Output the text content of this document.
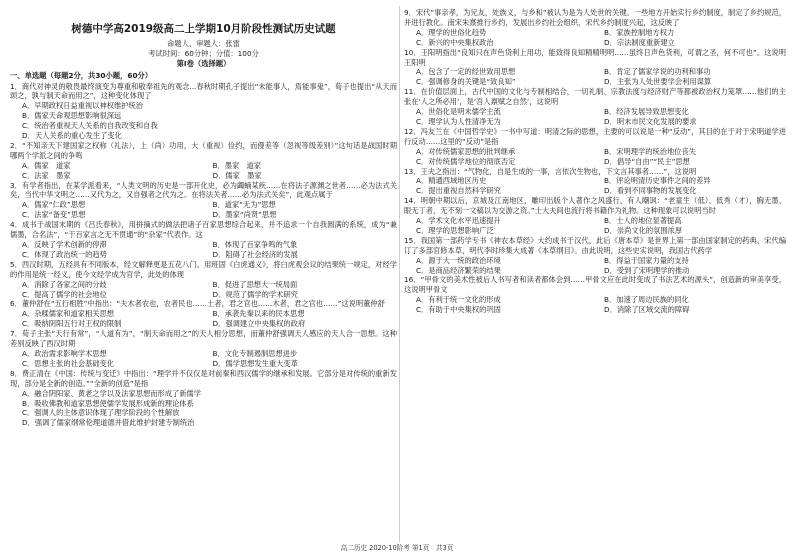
树德中学高2019级高二上学期10月阶段性测试历史试题
命题人、审题人：张雷
考试时间：60分钟；分值：100分
第I卷（选择题）
一、单选题（每题2分，共30小题，60分）
1．商代对神灵的敬畏最终演变为尊重和敬奉祖先的观念...春秋时期孔子提出“未能事人，焉能事鬼”，荀子也提出“从天而颂之，孰与制天命而用之”，这种变化体现了
A．早期政权日益重视以神权维护统治
B．儒家天命观思想影响很深远
C．统治者重视天人关系的自我改变和自我
D．天人关系的重心发生了变化
2．“不知亲天下建国家之权称（礼法），上（尚）功用，大（重视）俭约，而僈差等（忽视等级差别）”这句话是战国时期哪两个学派之间的争鸣
A．儒家　道家	B．墨家　道家
C．法家　墨家	D．儒家　墨家
3．有学者指出，在某学派看来，“人类文明的历史是一部开化史，必为蠲蛹某疾……在将法子源渊之世者……必为法式关矣，当代中华文明之……又代为之，又自强者之代为之。在将法关者……必为法式关矣”，此观点属于
A．儒家“仁政”思想	B．道家“无为”思想
C．法家“备变”思想	D．墨家“尚贤”思想
4．成书于战国末期的《吕氏春秋》，用拼摘式的做法把诸子百家思想综合起来，并不追求一个自我圆满的系统，成为“兼儒墨，合名法”，“于百家言之无不贯通”的“杂家”代表作。这
A．反映了学术创新的停滞	B．体现了百家争鸣的气象
C．体现了政治统一的趋势	D．阻碍了社会经济的发展
5．西汉时期，五经具有不同版本，经文解释更是五花八门。用班固《白虎通义》，将白虎观会议的结果统一规定，对经学的作用是统一经义，使今文经学成为官学，此处的体现
A．消除了各家之间的分歧	B．促进了思想大一统局面
C．提高了儒学的社会地位	D．规范了儒学的学术研究
6．董仲舒在“五行相胜”中指出：“夫木者农也，农者民也……土者，君之官也……木者，君之官也……”这说明董仲舒
A．杂糅儒家和道家相关思想	B．承袭先秦以来的民本思想
C．吸纳阴阳五行对王权的限制	D．强调建立中央集权的政府
7．荀子主张“天行有常”，“人道有为”，“制天命而用之”的天人相分思想，而董仲舒强调天人感应的天人合一思想。这种差别反映了西汉时期
A．政治需求影响学术思想	B．文化专制遏制思想进步
C．思想主张的社会基础变化	D．儒学思想发生重大变革
8．费正清在《中国：传统与变迁》中指出：“理学并不仅仅是对前秦和西汉儒学的继承和发展。它部分是对传统的重新发现，部分是全新的创造。”“全新的创造”是指
A．融合阴阳家、黄老之学以及法家思想而形成了新儒学
B．吸收佛教和道家思想使儒学发展形成新的理论体系
C．强调人的主体意识体现了理学阶段的个性解放
D．强调了儒家纲常伦理道德并借此维护封建专制统治
9．宋代“事亲孝，为兄友，处族义，与乡和”被认为是为人处世的关键。一些地方开始实行乡约制度，制定了乡约规范，并进行教化。南宋朱熹推行乡约，发展出乡约社会组织，宋代乡约制度兴起，这反映了
A．理学的世俗化趋势	B．家族控制地方权力
C．新兴的中央集权政治	D．宗法制度重新建立
10．王阳明指出“良知只在声色货利上用功，能致得良知精精明明……虽终日声色货利，可谓之圣，何不可也”。这说明王阳明
A．包含了一定的经世致用思想	B．肯定了儒家学说的功利和事功
C．强调修身的关键是“致良知”	D．主张为人处世要学会利用谋算
11．在价值层面上，古代中国的文化与专制相结合，一切礼制、宗教法度与经济财产等都被政治权力笼罩……他们的主张在‘人之所必用’，是‘吾人禀赋之自然’，这说明
A．世俗化是明末儒学主流	B．经济发展导致思想变化
C．理学认为人性清净无为	D．明末市民文化发展的要求
12．冯友兰在《中国哲学史》一书中写道：明清之际的思想，主要的可以说是一种“反动”，其目的在于对于宋明道学进行反动……这里的“反动”是指
A．对传统儒家思想的批判继承	B．宋明理学的统治地位丧失
C．对传统儒学地位的彻底否定	D．倡导“自由”“民主”思想
13．王夫之指出：“气物化，自是生成的一事，言依次生物也，下文言其事者……”，这说明
A．精通西域地区历史	B．评论明清历史事件之间的差异
C．提出重视自然科学研究	D．看到不同事物的发展变化
14．明朝中期以后，京城及江南地区，雕印出版个人著作之风盛行，有人嘲讽：“老童生（低）、低秀（才），胸无墨、眼无丁者，无不刻一文稿以为交游之资。”士大夫间也流行将书籍作为礼物。这种现象可以说明当时
A．学术文化水平迅速提升	B．士人的地位显著提高
C．理学的思想影响广泛	D．崇尚文化的氛围浓厚
15．我国第一部药学专书《神农本草经》大约成书于汉代，此后《唐本草》是世界上第一部由国家制定的药典，宋代编订了多部官修本草，明代李时珍集大成著《本草纲目》。由此说明，这些史实说明，我国古代药学
A．源于大一统的政治环境	B．得益于国家力量的支持
C．是商品经济繁荣的结果	D．受到了宋明理学的推动
16．“甲骨文的美术性被后人书写者和读者都体会到……甲骨文应在此时变成了书法艺术的源头”，创造新的审美享受，这说明甲骨文
A．有利于统一文化的形成	B．加速了周边民族的同化
C．有助于中央集权的巩固	D．消除了区域交流的障碍
高二历史 2020-10阶考 第1页　共3页
